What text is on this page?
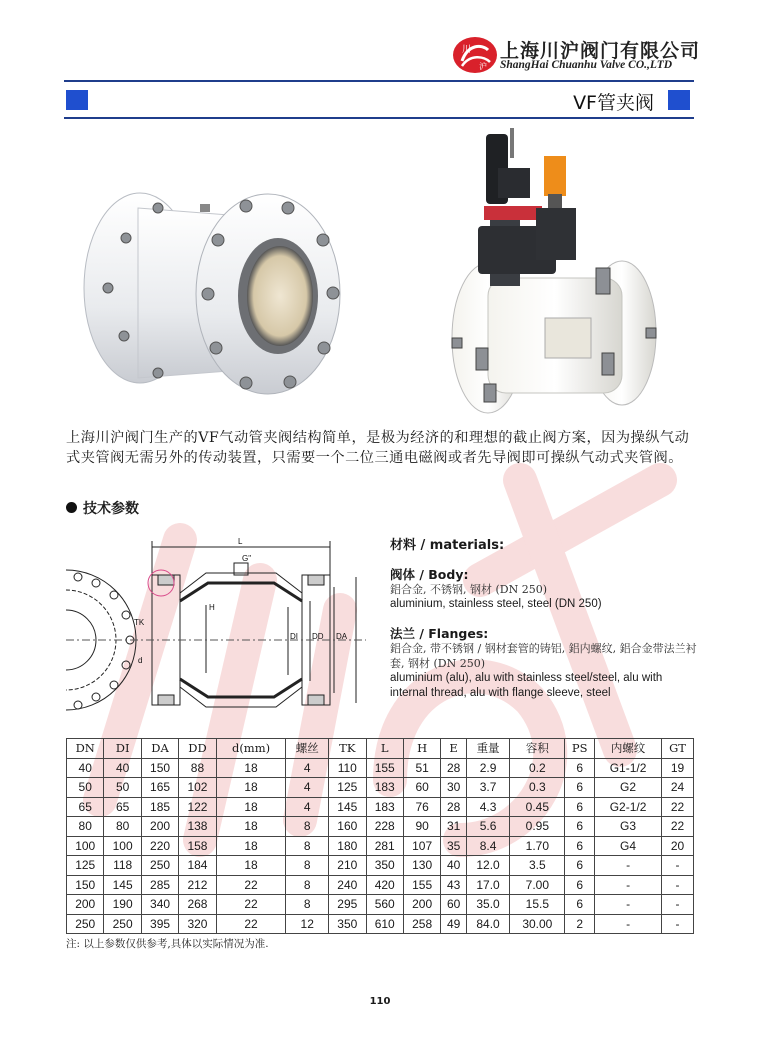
川
沪
上海川沪阀门有限公司
ShangHai Chuanhu Valve CO.,LTD
VF管夹阀
上海川沪阀门生产的VF气动管夹阀结构简单，是极为经济的和理想的截止阀方案，因为操纵气动式夹管阀无需另外的传动装置，只需要一个二位三通电磁阀或者先导阀即可操纵气动式夹管阀。
技术参数
L
G"
H
TK
d
DI DD DA
材料 / materials:
阀体 / Body:
鋁合金, 不锈钢, 钢材 (DN 250)
aluminium, stainless steel, steel (DN 250)
法兰 / Flanges:
鋁合金, 带不锈钢 / 钢材套管的铸铝, 鋁内螺纹, 鋁合金带法兰衬套, 钢材 (DN 250)
aluminium (alu), alu with stainless steel/steel, alu with internal thread, alu with flange sleeve, steel
DN	DI	DA	DD	d(mm)	螺丝	TK	L	H	E	重量	容积	PS	内螺纹	GT
40	40	150	88	18	4	110	155	51	28	2.9	0.2	6	G1-1/2	19
50	50	165	102	18	4	125	183	60	30	3.7	0.3	6	G2	24
65	65	185	122	18	4	145	183	76	28	4.3	0.45	6	G2-1/2	22
80	80	200	138	18	8	160	228	90	31	5.6	0.95	6	G3	22
100	100	220	158	18	8	180	281	107	35	8.4	1.70	6	G4	20
125	118	250	184	18	8	210	350	130	40	12.0	3.5	6	-	-
150	145	285	212	22	8	240	420	155	43	17.0	7.00	6	-	-
200	190	340	268	22	8	295	560	200	60	35.0	15.5	6	-	-
250	250	395	320	22	12	350	610	258	49	84.0	30.00	2	-	-
注: 以上参数仅供参考,具体以实际情况为准.
110
